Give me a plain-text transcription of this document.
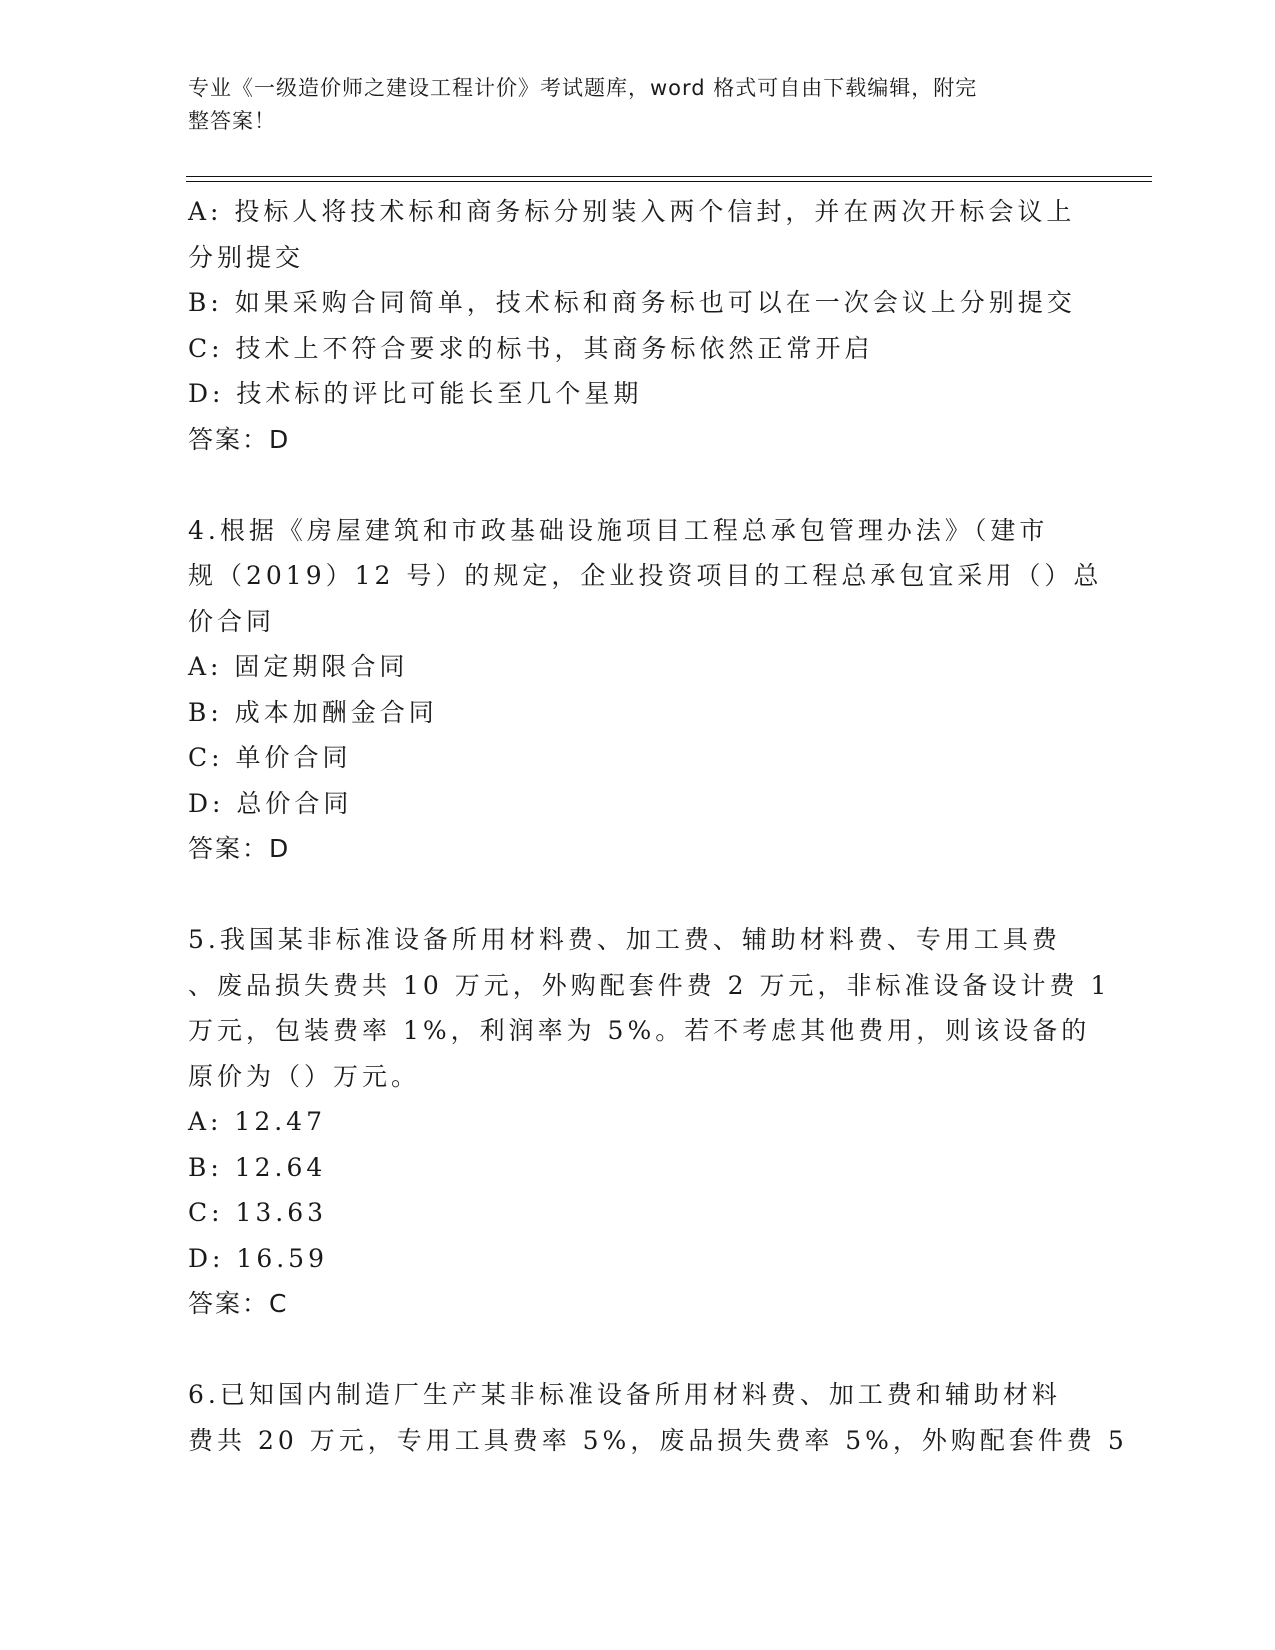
专业《一级造价师之建设工程计价》考试题库，word 格式可自由下载编辑，附完
整答案！
A: 投标人将技术标和商务标分别装入两个信封，并在两次开标会议上
分别提交
B: 如果采购合同简单，技术标和商务标也可以在一次会议上分别提交
C: 技术上不符合要求的标书，其商务标依然正常开启
D: 技术标的评比可能长至几个星期
答案：D
4.根据《房屋建筑和市政基础设施项目工程总承包管理办法》（建市
规（2019）12 号）的规定，企业投资项目的工程总承包宜采用（）总
价合同
A: 固定期限合同
B: 成本加酬金合同
C: 单价合同
D: 总价合同
答案：D
5.我国某非标准设备所用材料费、加工费、辅助材料费、专用工具费
、废品损失费共 10 万元，外购配套件费 2 万元，非标准设备设计费 1
万元，包装费率 1%，利润率为 5%。若不考虑其他费用，则该设备的
原价为（）万元。
A: 12.47
B: 12.64
C: 13.63
D: 16.59
答案：C
6.已知国内制造厂生产某非标准设备所用材料费、加工费和辅助材料
费共 20 万元，专用工具费率 5%，废品损失费率 5%，外购配套件费 5
